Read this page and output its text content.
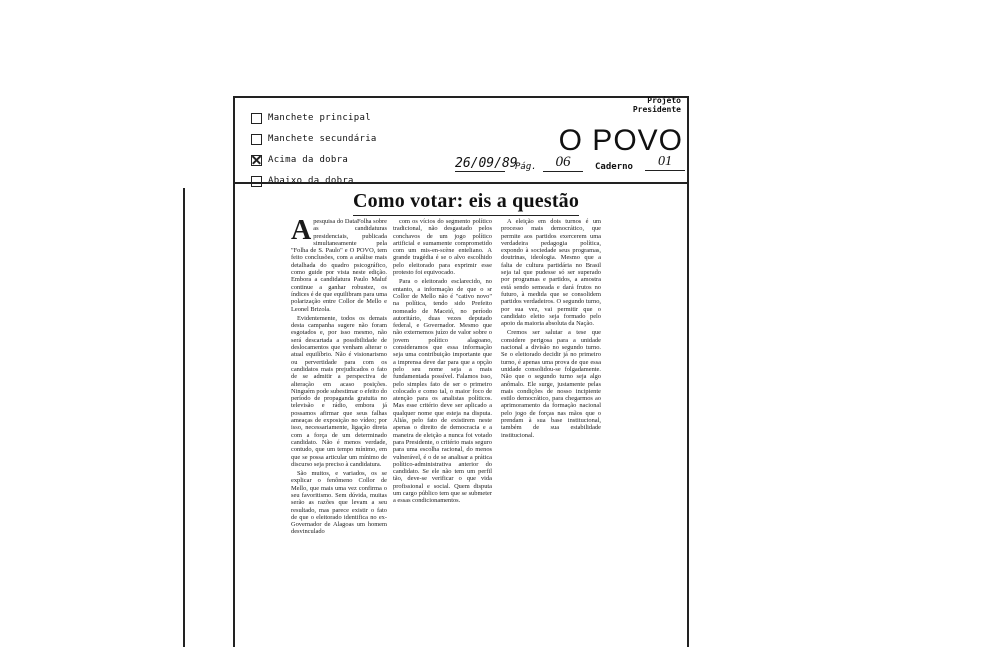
Manchete principal
Manchete secundária
Acima da dobra
Abaixo da dobra
Projeto
Presidente
O POVO
26/09/89
Pág.	06	Caderno	01
Como votar: eis a questão

Apesquisa do DataFolha sobre as candidaturas presidenciais, publicada simultaneamente pela "Folha de S. Paulo" e O POVO, tem feito conclusões, com a análise mais detalhada do quadro psicográfico, como guide por vista neste edição. Embora a candidatura Paulo Maluf continue a ganhar robustez, os índices é de que equilibram para uma polarização entre Collor de Mello e Leonel Brizola.

Evidentemente, todos os demais desta campanha sugere não foram esgotados e, por isso mesmo, não será descartada a possibilidade de deslocamentos que venham alterar o atual equilíbrio. Não é visionarismo ou pervertidade para com os candidatos mais prejudicados o fato de se admitir a perspectiva de alteração em acaso posições. Ninguém pode subestimar o efeito do período de propaganda gratuita no televisão e rádio, embora já possamos afirmar que seus falhas ameaças de exposição no vídeo; por isso, necessariamente, ligação direta com a força de um determinado candidato. Não é menos verdade, contudo, que um tempo mínimo, em que se possa articular um mínimo de discurso seja preciso à candidatura.

São muitos, e variados, os se explicar o fenômeno Collor de Mello, que mais uma vez confirma o seu favoritismo. Sem dúvida, muitas serão as razões que levam a seu resultado, mas parece existir o fato de que o eleitorado identifica no ex-Governador de Alagoas um homem desvinculado

com os vícios do segmento político tradicional, não desgastado pelos conchavos de um jogo político artificial e sumamente comprometido com um mis-en-scène enteliano. A grande tragédia é se o alvo escolhido pelo eleitorado para exprimir esse protesto foi equivocado.

Para o eleitorado esclarecido, no entanto, a informação de que o sr Collor de Mello não é "cativo novo" na política, tendo sido Prefeito nomeado de Maceió, no período autoritário, duas vezes deputado federal, e Governador. Mesmo que não externemos juízo de valor sobre o jovem político alagoano, consideramos que essa informação seja uma contribuição importante que a imprensa deve dar para que a opção pelo seu nome seja a mais fundamentada possível. Falamos isso, pelo simples fato de ser o primeiro colocado e como tal, o maior foco de atenção para os analistas políticos. Mas esse critério deve ser aplicado a qualquer nome que esteja na disputa. Aliás, pelo fato de existirem neste apenas o direito de democracia e a maneira de eleição a nunca foi votado para Presidente, o critério mais seguro para uma escolha racional, do menos vulnerável, é o de se analisar a prática político-administrativa anterior do candidato. Se ele não tem um perfil tão, deve-se verificar o que vida profissional e social. Quem disputa um cargo público tem que se submeter a essas condicionamentos.

A eleição em dois turnos é um processo mais democrático, que permite aos partidos exercerem uma verdadeira pedagogia política, expondo à sociedade seus programas, doutrinas, ideologia. Mesmo que a falta de cultura partidária no Brasil seja tal que pudesse só ser superado por programas e partidos, a amostra está sendo semeada e dará frutos no futuro, à medida que se consolidem partidos verdadeiros. O segundo turno, por sua vez, vai permitir que o candidato eleito seja formado pelo apoio da maioria absoluta da Nação.

Cremos ser salutar a tese que considere perigosa para a unidade nacional a divisão no segundo turno. Se o eleitorado decidir já no primeiro turno, é apenas uma prova de que essa unidade consolidou-se folgadamente. Não que o segundo turno seja algo anômalo. Ele surge, justamente pelas mais condições de nosso incipiente estilo democrático, para chegarmos ao aprimoramento da formação nacional pelo jogo de forças nas mãos que o prendam à sua base institucional, também de sua estabilidade institucional.
